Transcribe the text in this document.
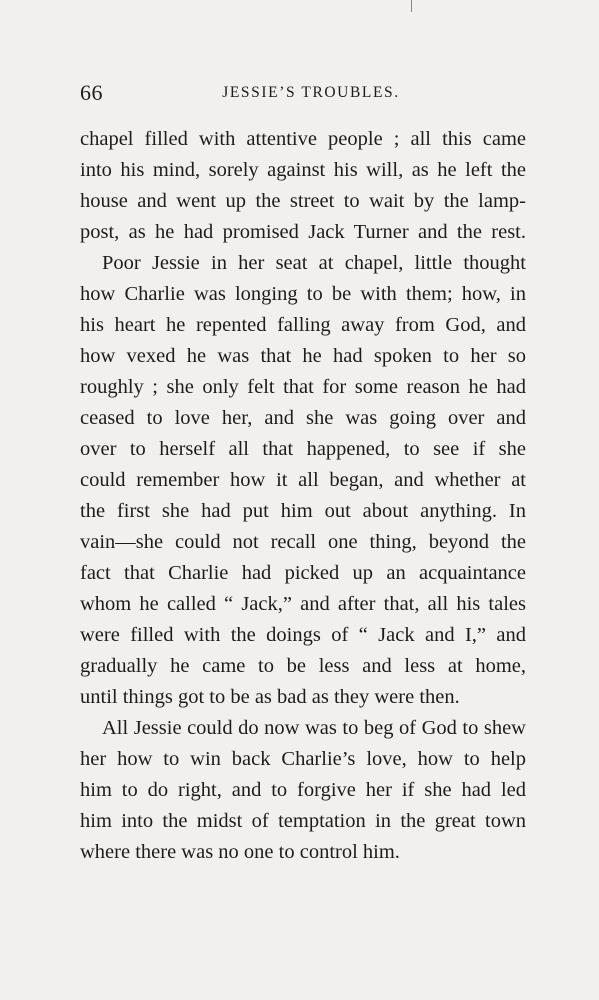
66	JESSIE’S TROUBLES.
chapel filled with attentive people ; all this came
into his mind, sorely against his will, as he left the
house and went up the street to wait by the lamp-
post, as he had promised Jack Turner and the rest.
Poor Jessie in her seat at chapel, little thought
how Charlie was longing to be with them; how, in
his heart he repented falling away from God, and
how vexed he was that he had spoken to her so
roughly ; she only felt that for some reason he had
ceased to love her, and she was going over and
over to herself all that happened, to see if she
could remember how it all began, and whether at
the first she had put him out about anything. In
vain—she could not recall one thing, beyond the
fact that Charlie had picked up an acquaintance
whom he called “ Jack,” and after that, all his tales
were filled with the doings of “ Jack and I,” and
gradually he came to be less and less at home,
until things got to be as bad as they were then.
All Jessie could do now was to beg of God to shew
her how to win back Charlie’s love, how to help
him to do right, and to forgive her if she had led
him into the midst of temptation in the great town
where there was no one to control him.
